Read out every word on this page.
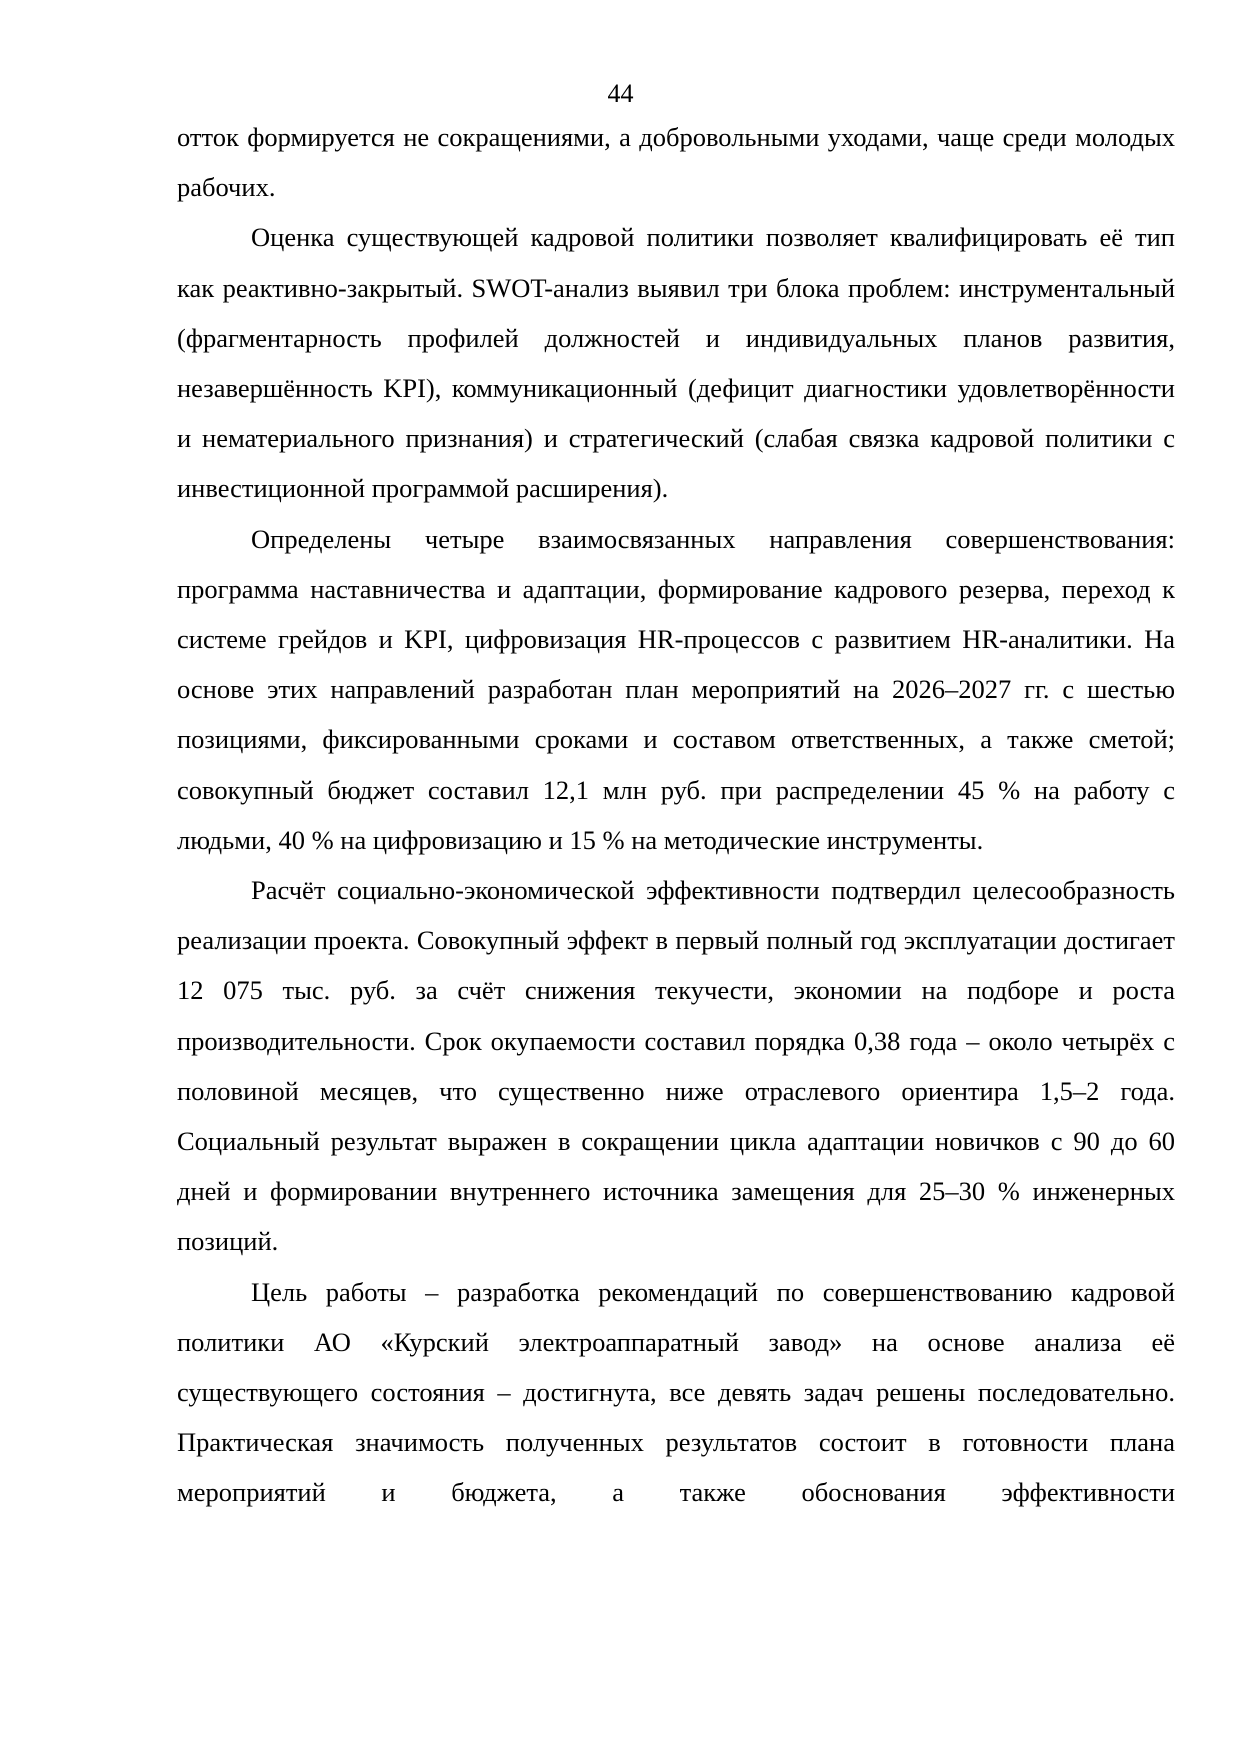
44

отток формируется не сокращениями, а добровольными уходами, чаще среди молодых рабочих.

Оценка существующей кадровой политики позволяет квалифицировать её тип как реактивно-закрытый. SWOT-анализ выявил три блока проблем: инструментальный (фрагментарность профилей должностей и индивидуальных планов развития, незавершённость KPI), коммуникационный (дефицит диагностики удовлетворённости и нематериального признания) и стратегический (слабая связка кадровой политики с инвестиционной программой расширения).

Определены четыре взаимосвязанных направления совершенствования: программа наставничества и адаптации, формирование кадрового резерва, переход к системе грейдов и KPI, цифровизация HR-процессов с развитием HR-аналитики. На основе этих направлений разработан план мероприятий на 2026–2027 гг. с шестью позициями, фиксированными сроками и составом ответственных, а также сметой; совокупный бюджет составил 12,1 млн руб. при распределении 45 % на работу с людьми, 40 % на цифровизацию и 15 % на методические инструменты.

Расчёт социально-экономической эффективности подтвердил целесообразность реализации проекта. Совокупный эффект в первый полный год эксплуатации достигает 12 075 тыс. руб. за счёт снижения текучести, экономии на подборе и роста производительности. Срок окупаемости составил порядка 0,38 года – около четырёх с половиной месяцев, что существенно ниже отраслевого ориентира 1,5–2 года. Социальный результат выражен в сокращении цикла адаптации новичков с 90 до 60 дней и формировании внутреннего источника замещения для 25–30 % инженерных позиций.

Цель работы – разработка рекомендаций по совершенствованию кадровой политики АО «Курский электроаппаратный завод» на основе анализа её существующего состояния – достигнута, все девять задач решены последовательно. Практическая значимость полученных результатов состоит в готовности плана мероприятий и бюджета, а также обоснования эффективности
